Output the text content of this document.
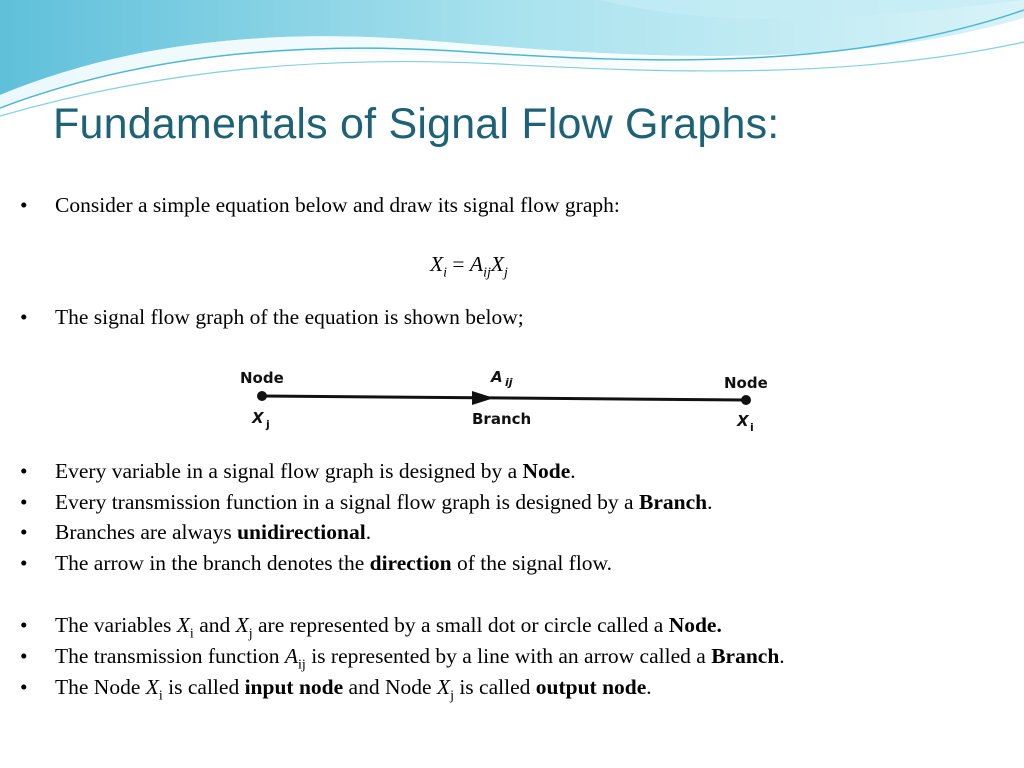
Fundamentals of Signal Flow Graphs:
• Consider a simple equation below and draw its signal flow graph:
$X_i = A_{ij}X_j$
• The signal flow graph of the equation is shown below;
Node
X j
A ij
Branch
Node
X i
• Every variable in a signal flow graph is designed by a Node.
• Every transmission function in a signal flow graph is designed by a Branch.
• Branches are always unidirectional.
• The arrow in the branch denotes the direction of the signal flow.
• The variables $X_i$ and $X_j$ are represented by a small dot or circle called a Node.
• The transmission function $A_{ij}$ is represented by a line with an arrow called a Branch.
• The Node $X_i$ is called input node and Node $X_j$ is called output node.
